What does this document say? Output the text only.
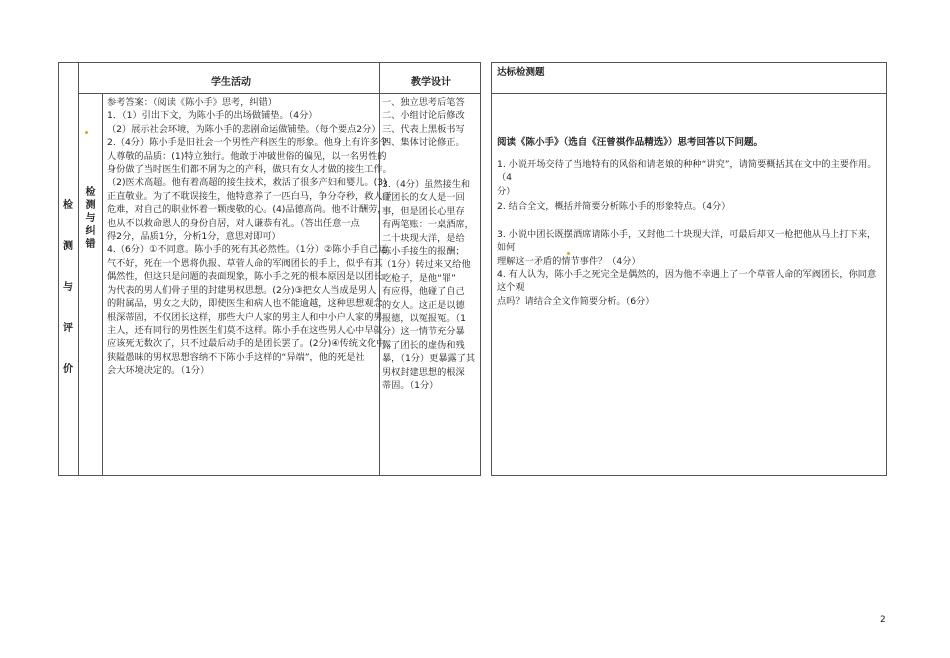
检
测
与
评
价
检
测
与
纠
错
学生活动	教学设计
参考答案：（阅读《陈小手》思考，纠错）
1．（1）引出下文，为陈小手的出场做铺垫。（4分）
（2）展示社会环境，为陈小手的悲剧命运做铺垫。（每个要点2分）
2.（4分）陈小手是旧社会一个男性产科医生的形象。他身上有许多令
人尊敬的品质：(1)特立独行。他敢于冲破世俗的偏见，以一名男性的
身份做了当时医生们都不屑为之的产科，做只有女人才做的接生工作。
（2)医术高超。他有着高超的接生技术，救活了很多产妇和婴儿。(3)
正直敬业。为了不耽误接生，他特意养了一匹白马，争分夺秒，救人于
危难，对自己的职业怀着一颗虔敬的心。(4)品德高尚。他不计酬劳，
也从不以救命恩人的身份自居，对人谦恭有礼。（答出任意一点
得2分，品质1分，分析1分，意思对即可）
4.（6分）①不同意。陈小手的死有其必然性。（1分）②陈小手自己运
气不好，死在一个恩将仇报、草菅人命的军阀团长的手上，似乎有其
偶然性，但这只是问题的表面现象，陈小手之死的根本原因是以团长
为代表的男人们骨子里的封建男权思想。(2分)③把女人当成是男人
的附属品，男女之大防，即使医生和病人也不能逾越，这种思想观念
根深蒂固，不仅团长这样，那些大户人家的男主人和中小户人家的男
主人，还有同行的男性医生们莫不这样。陈小手在这些男人心中早就
应该死无数次了，只不过最后动手的是团长罢了。(2分)④传统文化中
狭隘愚昧的男权思想容纳不下陈小手这样的“异端”，他的死是社
会大环境决定的。（1分）
一、独立思考后笔答
二、小组讨论后修改
三、代表上黑板书写
四、集体讨论修正。
3.（4分）虽然接生和
碰团长的女人是一回
事，但是团长心里存
有两笔账：一桌酒席，
二十块现大洋，是给
陈小手接生的报酬；
（1分）转过来又给他
吃枪子，是他“罪”
有应得，他碰了自己
的女人。这正是以德
报德，以冤报冤。（1
分）这一情节充分暴
露了团长的虚伪和残
暴，（1分）更暴露了其
男权封建思想的根深
蒂固。（1分）
达标检测题
阅读《陈小手》（选自《汪曾祺作品精选》）思考回答以下问题。
1. 小说开场交待了当地特有的风俗和请老娘的种种“讲究”，请简要概括其在文中的主要作用。（4
分）
2. 结合全文，概括并简要分析陈小手的形象特点。（4分）
3. 小说中团长既摆酒席请陈小手，又封他二十块现大洋，可最后却又一枪把他从马上打下来，如何
理解这一矛盾的情节事件？（4分）
4. 有人认为，陈小手之死完全是偶然的，因为他不幸遇上了一个草菅人命的军阀团长，你同意这个观
点吗？请结合全文作简要分析。（6分）
2
